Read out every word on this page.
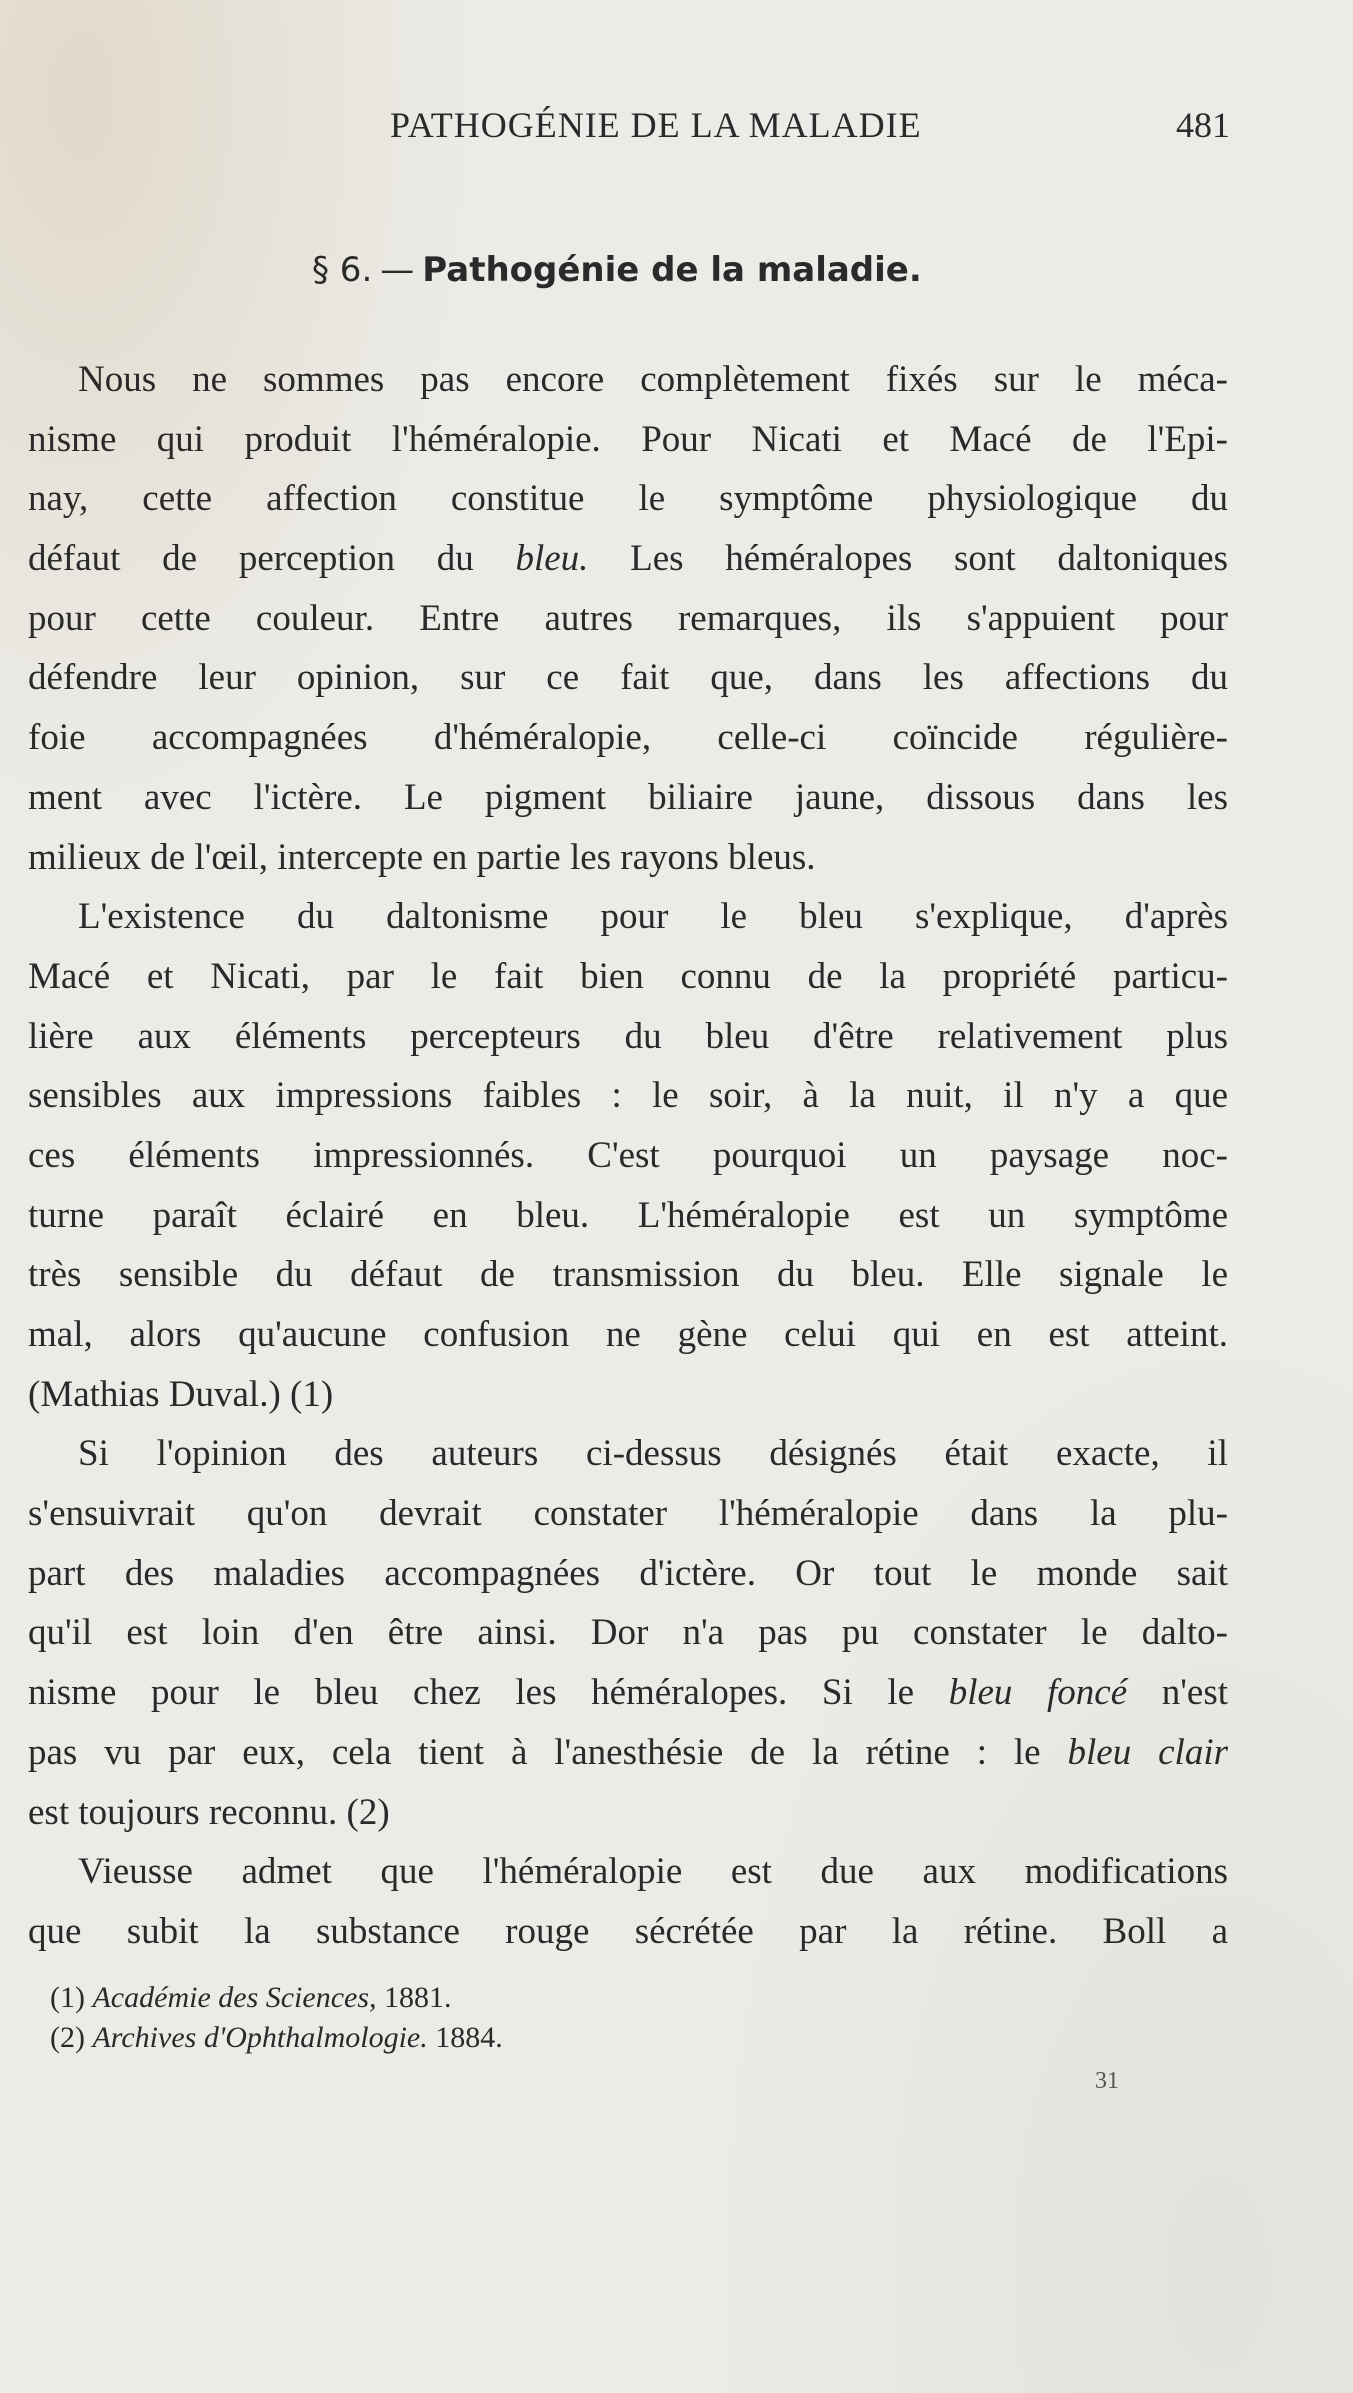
PATHOGÉNIE DE LA MALADIE	481
§ 6. — Pathogénie de la maladie.
Nous ne sommes pas encore complètement fixés sur le méca-
nisme qui produit l'héméralopie. Pour Nicati et Macé de l'Epi-
nay, cette affection constitue le symptôme physiologique du
défaut de perception du bleu. Les héméralopes sont daltoniques
pour cette couleur. Entre autres remarques, ils s'appuient pour
défendre leur opinion, sur ce fait que, dans les affections du
foie accompagnées d'héméralopie, celle-ci coïncide régulière-
ment avec l'ictère. Le pigment biliaire jaune, dissous dans les
milieux de l'œil, intercepte en partie les rayons bleus.
L'existence du daltonisme pour le bleu s'explique, d'après
Macé et Nicati, par le fait bien connu de la propriété particu-
lière aux éléments percepteurs du bleu d'être relativement plus
sensibles aux impressions faibles : le soir, à la nuit, il n'y a que
ces éléments impressionnés. C'est pourquoi un paysage noc-
turne paraît éclairé en bleu. L'héméralopie est un symptôme
très sensible du défaut de transmission du bleu. Elle signale le
mal, alors qu'aucune confusion ne gène celui qui en est atteint.
(Mathias Duval.) (1)
Si l'opinion des auteurs ci-dessus désignés était exacte, il
s'ensuivrait qu'on devrait constater l'héméralopie dans la plu-
part des maladies accompagnées d'ictère. Or tout le monde sait
qu'il est loin d'en être ainsi. Dor n'a pas pu constater le dalto-
nisme pour le bleu chez les héméralopes. Si le bleu foncé n'est
pas vu par eux, cela tient à l'anesthésie de la rétine : le bleu clair
est toujours reconnu. (2)
Vieusse admet que l'héméralopie est due aux modifications
que subit la substance rouge sécrétée par la rétine. Boll a
(1) Académie des Sciences, 1881.
(2) Archives d'Ophthalmologie. 1884.
31
